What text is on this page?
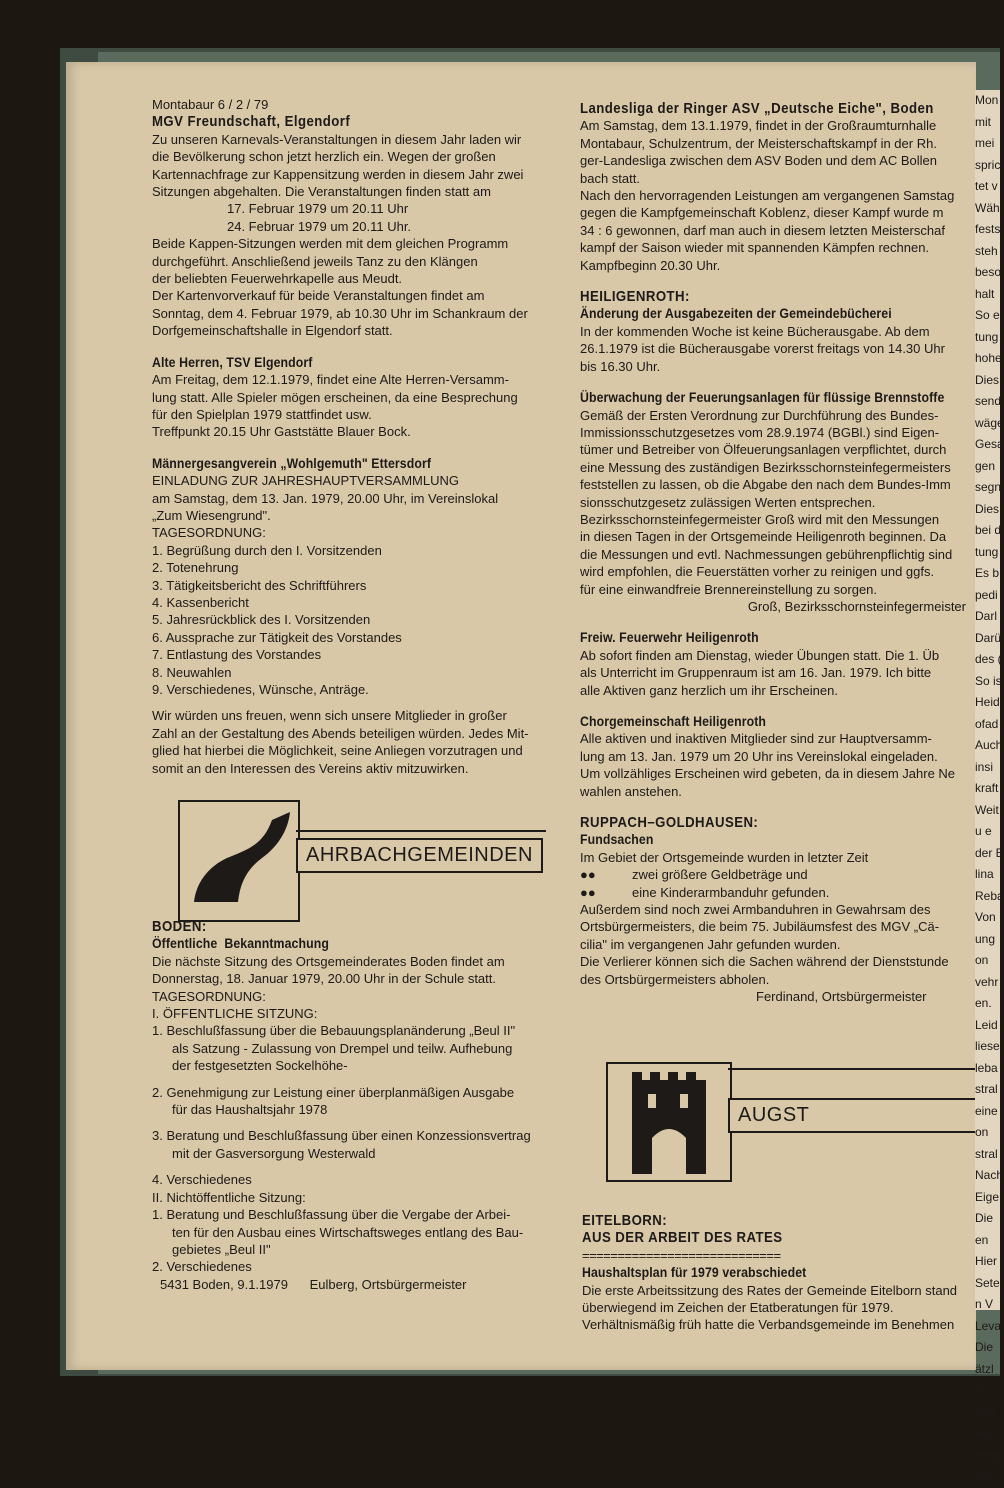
Montabaur 6 / 2 / 79
MGV Freundschaft, Elgendorf
Zu unseren Karnevals-Veranstaltungen in diesem Jahr laden wir
die Bevölkerung schon jetzt herzlich ein. Wegen der großen
Kartennachfrage zur Kappensitzung werden in diesem Jahr zwei
Sitzungen abgehalten. Die Veranstaltungen finden statt am
17. Februar 1979 um 20.11 Uhr
24. Februar 1979 um 20.11 Uhr.
Beide Kappen-Sitzungen werden mit dem gleichen Programm
durchgeführt. Anschließend jeweils Tanz zu den Klängen
der beliebten Feuerwehrkapelle aus Meudt.
Der Kartenvorverkauf für beide Veranstaltungen findet am
Sonntag, dem 4. Februar 1979, ab 10.30 Uhr im Schankraum der
Dorfgemeinschaftshalle in Elgendorf statt.
Alte Herren, TSV Elgendorf
Am Freitag, dem 12.1.1979, findet eine Alte Herren-Versamm-
lung statt. Alle Spieler mögen erscheinen, da eine Besprechung
für den Spielplan 1979 stattfindet usw.
Treffpunkt 20.15 Uhr Gaststätte Blauer Bock.
Männergesangverein „Wohlgemuth" Ettersdorf
EINLADUNG ZUR JAHRESHAUPTVERSAMMLUNG
am Samstag, dem 13. Jan. 1979, 20.00 Uhr, im Vereinslokal
„Zum Wiesengrund".
TAGESORDNUNG:
1. Begrüßung durch den I. Vorsitzenden
2. Totenehrung
3. Tätigkeitsbericht des Schriftführers
4. Kassenbericht
5. Jahresrückblick des I. Vorsitzenden
6. Aussprache zur Tätigkeit des Vorstandes
7. Entlastung des Vorstandes
8. Neuwahlen
9. Verschiedenes, Wünsche, Anträge.
Wir würden uns freuen, wenn sich unsere Mitglieder in großer
Zahl an der Gestaltung des Abends beteiligen würden. Jedes Mit-
glied hat hierbei die Möglichkeit, seine Anliegen vorzutragen und
somit an den Interessen des Vereins aktiv mitzuwirken.
AHRBACHGEMEINDEN
BODEN:
Öffentliche Bekanntmachung
Die nächste Sitzung des Ortsgemeinderates Boden findet am
Donnerstag, 18. Januar 1979, 20.00 Uhr in der Schule statt.
TAGESORDNUNG:
I. ÖFFENTLICHE SITZUNG:
1. Beschlußfassung über die Bebauungsplanänderung „Beul II"
als Satzung - Zulassung von Drempel und teilw. Aufhebung
der festgesetzten Sockelhöhe-
2. Genehmigung zur Leistung einer überplanmäßigen Ausgabe
für das Haushaltsjahr 1978
3. Beratung und Beschlußfassung über einen Konzessionsvertrag
mit der Gasversorgung Westerwald
4. Verschiedenes
II. Nichtöffentliche Sitzung:
1. Beratung und Beschlußfassung über die Vergabe der Arbei-
ten für den Ausbau eines Wirtschaftsweges entlang des Bau-
gebietes „Beul II"
2. Verschiedenes
5431 Boden, 9.1.1979      Eulberg, Ortsbürgermeister
Landesliga der Ringer ASV „Deutsche Eiche", Boden
Am Samstag, dem 13.1.1979, findet in der Großraumturnhalle
Montabaur, Schulzentrum, der Meisterschaftskampf in der Rh.
ger-Landesliga zwischen dem ASV Boden und dem AC Bollen
bach statt.
Nach den hervorragenden Leistungen am vergangenen Samstag
gegen die Kampfgemeinschaft Koblenz, dieser Kampf wurde m
34 : 6 gewonnen, darf man auch in diesem letzten Meisterschaf
kampf der Saison wieder mit spannenden Kämpfen rechnen.
Kampfbeginn 20.30 Uhr.
HEILIGENROTH:
Änderung der Ausgabezeiten der Gemeindebücherei
In der kommenden Woche ist keine Bücherausgabe. Ab dem
26.1.1979 ist die Bücherausgabe vorerst freitags von 14.30 Uhr
bis 16.30 Uhr.
Überwachung der Feuerungsanlagen für flüssige Brennstoffe
Gemäß der Ersten Verordnung zur Durchführung des Bundes-
Immissionsschutzgesetzes vom 28.9.1974 (BGBl.) sind Eigen-
tümer und Betreiber von Ölfeuerungsanlagen verpflichtet, durch
eine Messung des zuständigen Bezirksschornsteinfegermeisters
feststellen zu lassen, ob die Abgabe den nach dem Bundes-Imm
sionsschutzgesetz zulässigen Werten entsprechen.
Bezirksschornsteinfegermeister Groß wird mit den Messungen
in diesen Tagen in der Ortsgemeinde Heiligenroth beginnen. Da
die Messungen und evtl. Nachmessungen gebührenpflichtig sind
wird empfohlen, die Feuerstätten vorher zu reinigen und ggfs.
für eine einwandfreie Brennereinstellung zu sorgen.
Groß, Bezirksschornsteinfegermeister
Freiw. Feuerwehr Heiligenroth
Ab sofort finden am Dienstag, wieder Übungen statt. Die 1. Üb
als Unterricht im Gruppenraum ist am 16. Jan. 1979. Ich bitte
alle Aktiven ganz herzlich um ihr Erscheinen.
Chorgemeinschaft Heiligenroth
Alle aktiven und inaktiven Mitglieder sind zur Hauptversamm-
lung am 13. Jan. 1979 um 20 Uhr ins Vereinslokal eingeladen.
Um vollzähliges Erscheinen wird gebeten, da in diesem Jahre Ne
wahlen anstehen.
RUPPACH–GOLDHAUSEN:
Fundsachen
Im Gebiet der Ortsgemeinde wurden in letzter Zeit
●●	zwei größere Geldbeträge und
●●	eine Kinderarmbanduhr gefunden.
Außerdem sind noch zwei Armbanduhren in Gewahrsam des
Ortsbürgermeisters, die beim 75. Jubiläumsfest des MGV „Cä-
cilia" im vergangenen Jahr gefunden wurden.
Die Verlierer können sich die Sachen während der Dienststunde
des Ortsbürgermeisters abholen.
Ferdinand, Ortsbürgermeister
AUGST
EITELBORN:
AUS DER ARBEIT DES RATES
============================
Haushaltsplan für 1979 verabschiedet
Die erste Arbeitssitzung des Rates der Gemeinde Eitelborn stand
überwiegend im Zeichen der Etatberatungen für 1979.
Verhältnismäßig früh hatte die Verbandsgemeinde im Benehmen
Mon
mit
mei
spric
tet v
Wäh
fests
steh
beso
halt
So e
tung
hohe
Dies
send
wäge
Gesa
gen
segn
Dies
bei d
tung
Es b
pedi
Darl
Darü
des (
So is
Heid
ofad
Auch
insi
kraft
Weit
u e
der E
lina
Reba
Von
ung
on
vehr
en.
Leid
liese
leba
stral
eine
on
stral
Nach
Eige
Die
en
Hier
Sete
n V
Leva
Die
ätzl
aß
usg
lies
Vege
ebr
